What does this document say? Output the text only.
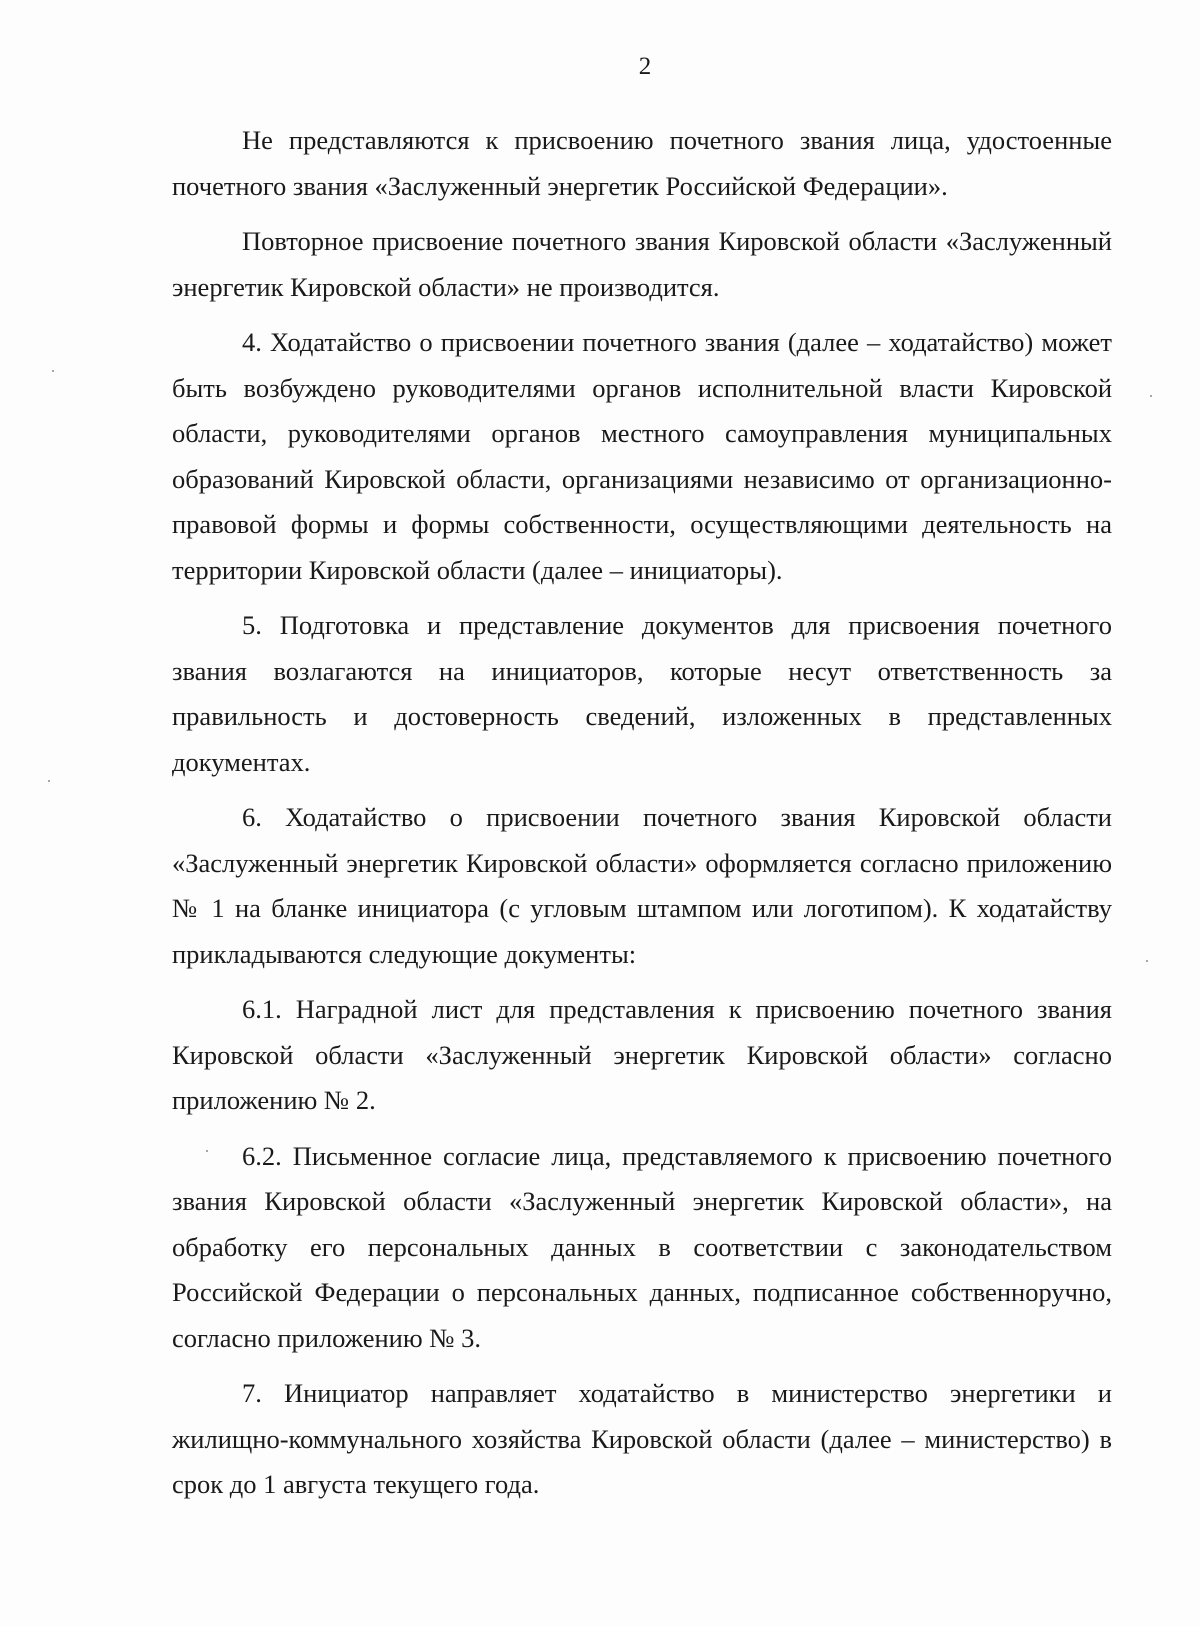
2

Не представляются к присвоению почетного звания лица, удостоенные почетного звания «Заслуженный энергетик Российской Федерации».

Повторное присвоение почетного звания Кировской области «Заслуженный энергетик Кировской области» не производится.

4. Ходатайство о присвоении почетного звания (далее – ходатайство) может быть возбуждено руководителями органов исполнительной власти Кировской области, руководителями органов местного самоуправления муниципальных образований Кировской области, организациями независимо от организационно-правовой формы и формы собственности, осуществляющими деятельность на территории Кировской области (далее – инициаторы).

5. Подготовка и представление документов для присвоения почетного звания возлагаются на инициаторов, которые несут ответственность за правильность и достоверность сведений, изложенных в представленных документах.

6. Ходатайство о присвоении почетного звания Кировской области «Заслуженный энергетик Кировской области» оформляется согласно приложению № 1 на бланке инициатора (с угловым штампом или логотипом). К ходатайству прикладываются следующие документы:

6.1. Наградной лист для представления к присвоению почетного звания Кировской области «Заслуженный энергетик Кировской области» согласно приложению № 2.

6.2. Письменное согласие лица, представляемого к присвоению почетного звания Кировской области «Заслуженный энергетик Кировской области», на обработку его персональных данных в соответствии с законодательством Российской Федерации о персональных данных, подписанное собственноручно, согласно приложению № 3.

7. Инициатор направляет ходатайство в министерство энергетики и жилищно-коммунального хозяйства Кировской области (далее – министерство) в срок до 1 августа текущего года.
